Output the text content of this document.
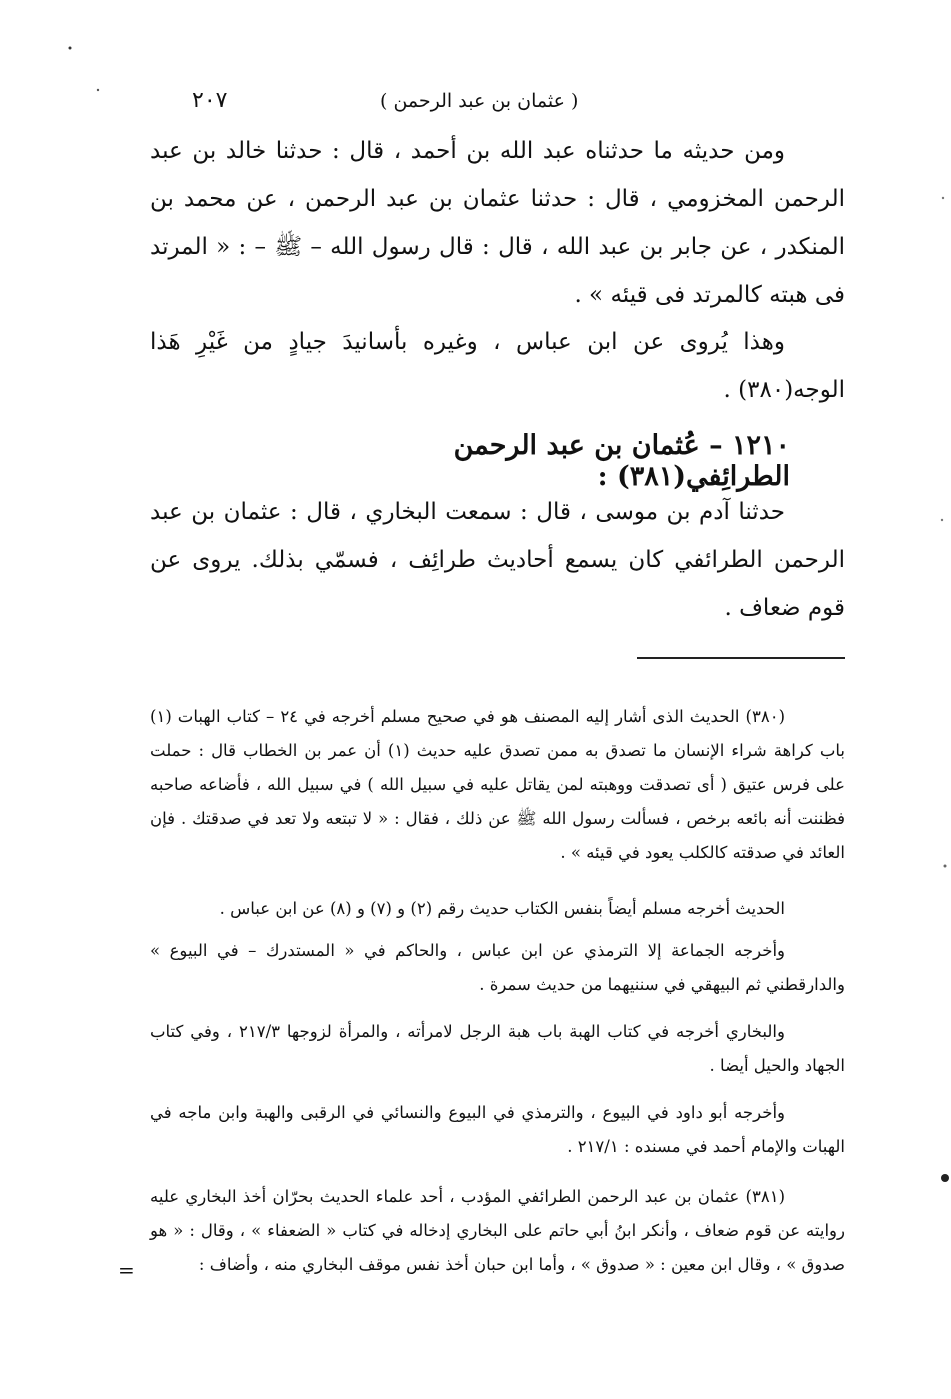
٢٠٧	( عثمان بن عبد الرحمن )

ومن حديثه ما حدثناه عبد الله بن أحمد ، قال : حدثنا خالد بن عبد الرحمن المخزومي ، قال : حدثنا عثمان بن عبد الرحمن ، عن محمد بن المنكدر ، عن جابر بن عبد الله ، قال : قال رسول الله – ﷺ – : « المرتد فى هبته كالمرتد فى قيئه » .

وهذا يُروى عن ابن عباس ، وغيره بأسانيدَ جيادٍ من غَيْرِ هَذا الوجه(٣٨٠) .

١٢١٠ – عُثمان بن عبد الرحمن الطرائِفي(٣٨١) :

حدثنا آدم بن موسى ، قال : سمعت البخاري ، قال : عثمان بن عبد الرحمن الطرائفي كان يسمع أحاديث طرائِف ، فسمّي بذلك. يروى عن قوم ضعاف .

(٣٨٠) الحديث الذى أشار إليه المصنف هو في صحيح مسلم أخرجه في ٢٤ – كتاب الهبات (١) باب كراهة شراء الإنسان ما تصدق به ممن تصدق عليه حديث (١) أن عمر بن الخطاب قال : حملت على فرس عتيق ( أى تصدقت ووهبته لمن يقاتل عليه في سبيل الله ) في سبيل الله ، فأضاعه صاحبه فظننت أنه بائعه برخص ، فسألت رسول الله ﷺ عن ذلك ، فقال : « لا تبتعه ولا تعد في صدقتك . فإن العائد في صدقته كالكلب يعود في قيئه » .

الحديث أخرجه مسلم أيضاً بنفس الكتاب حديث رقم (٢) و (٧) و (٨) عن ابن عباس .

وأخرجه الجماعة إلا الترمذي عن ابن عباس ، والحاكم في « المستدرك – في البيوع » والدارقطني ثم البيهقي في سننيهما من حديث سمرة .

والبخاري أخرجه في كتاب الهبة باب هبة الرجل لامرأته ، والمرأة لزوجها ٢١٧/٣ ، وفي كتاب الجهاد والحيل أيضا .

وأخرجه أبو داود في البيوع ، والترمذي في البيوع والنسائي في الرقبى والهبة وابن ماجه في الهبات والإمام أحمد في مسنده : ٢١٧/١ .

(٣٨١) عثمان بن عبد الرحمن الطرائفي المؤدب ، أحد علماء الحديث بحرّان أخذ البخاري عليه روايته عن قوم ضعاف ، وأنكر ابنُ أبي حاتم على البخاري إدخاله في كتاب « الضعفاء » ، وقال : « هو صدوق » ، وقال ابن معين : « صدوق » ، وأما ابن حبان أخذ نفس موقف البخاري منه ، وأضاف :

=
